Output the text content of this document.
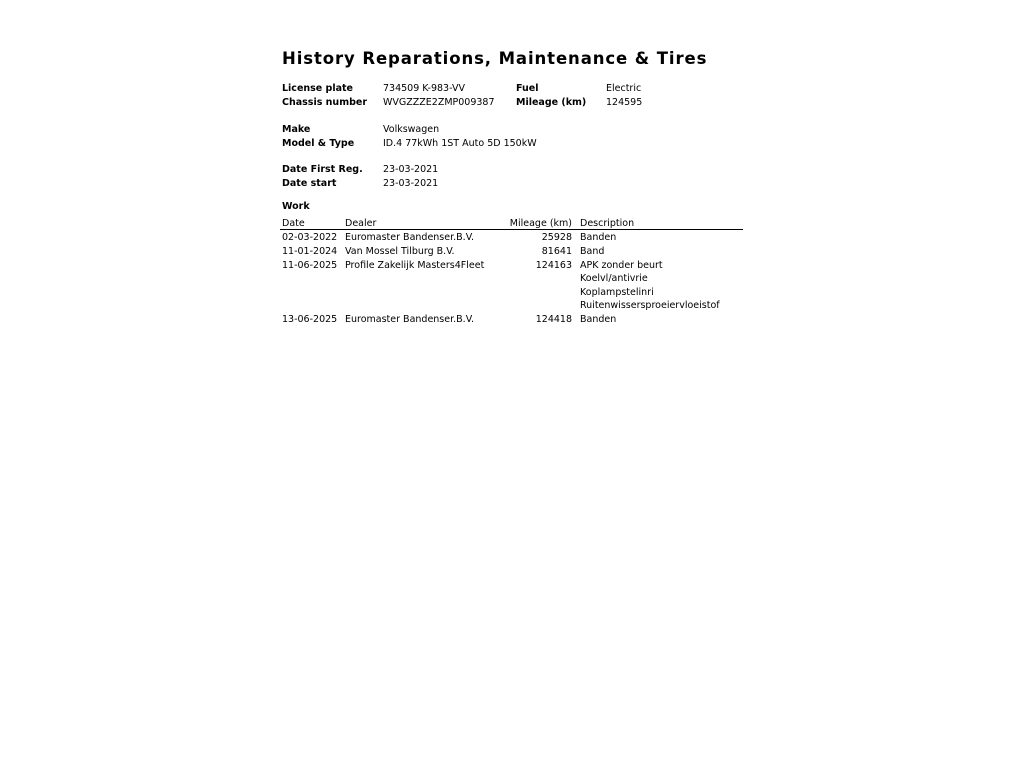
History Reparations, Maintenance & Tires
License plate	734509 K-983-VV	Fuel	Electric
Chassis number WVGZZZE2ZMP009387 Mileage (km) 124595
Make	Volkswagen
Model & Type	ID.4 77kWh 1ST Auto 5D 150kW
Date First Reg. 23-03-2021
Date start	23-03-2021
Work
Date	Dealer	Mileage (km) Description
02-03-2022 Euromaster Bandenser.B.V.	25928 Banden
11-01-2024 Van Mossel Tilburg B.V.	81641 Band
11-06-2025 Profile Zakelijk Masters4Fleet	124163 APK zonder beurt
Koelvl/antivrie
Koplampstelinri
Ruitenwissersproeiervloeistof
13-06-2025 Euromaster Bandenser.B.V.	124418 Banden
